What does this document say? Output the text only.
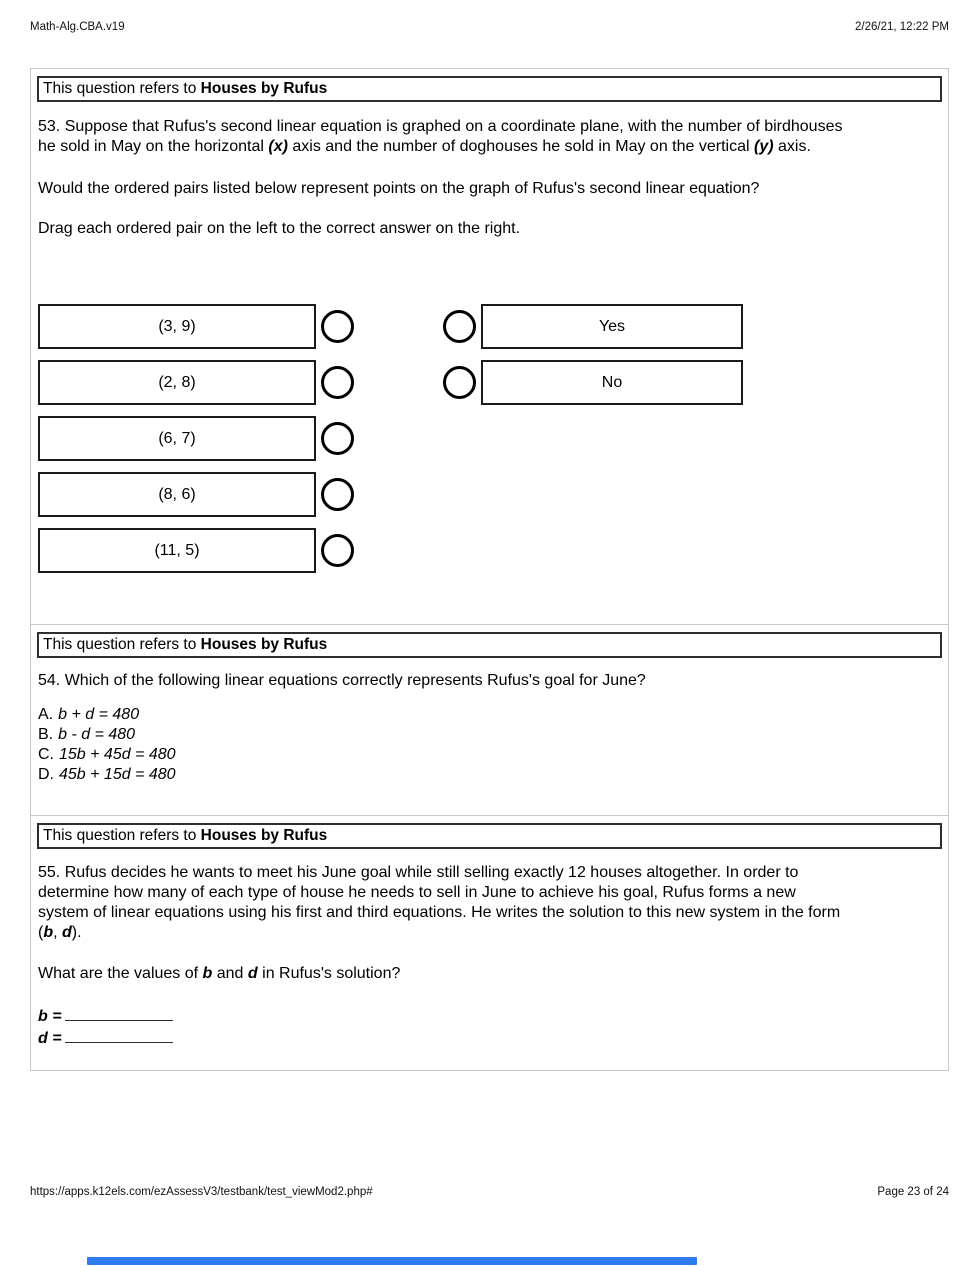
Math-Alg.CBA.v19	2/26/21, 12:22 PM
This question refers to Houses by Rufus
53. Suppose that Rufus's second linear equation is graphed on a coordinate plane, with the number of birdhouses
he sold in May on the horizontal (x) axis and the number of doghouses he sold in May on the vertical (y) axis.
Would the ordered pairs listed below represent points on the graph of Rufus's second linear equation?
Drag each ordered pair on the left to the correct answer on the right.
(3, 9)
(2, 8)
(6, 7)
(8, 6)
(11, 5)
Yes
No
This question refers to Houses by Rufus
54. Which of the following linear equations correctly represents Rufus's goal for June?
A. b + d = 480
B. b - d = 480
C. 15b + 45d = 480
D. 45b + 15d = 480
This question refers to Houses by Rufus
55. Rufus decides he wants to meet his June goal while still selling exactly 12 houses altogether. In order to
determine how many of each type of house he needs to sell in June to achieve his goal, Rufus forms a new
system of linear equations using his first and third equations. He writes the solution to this new system in the form
(b, d).
What are the values of b and d in Rufus's solution?
b =
d =
https://apps.k12els.com/ezAssessV3/testbank/test_viewMod2.php#	Page 23 of 24
